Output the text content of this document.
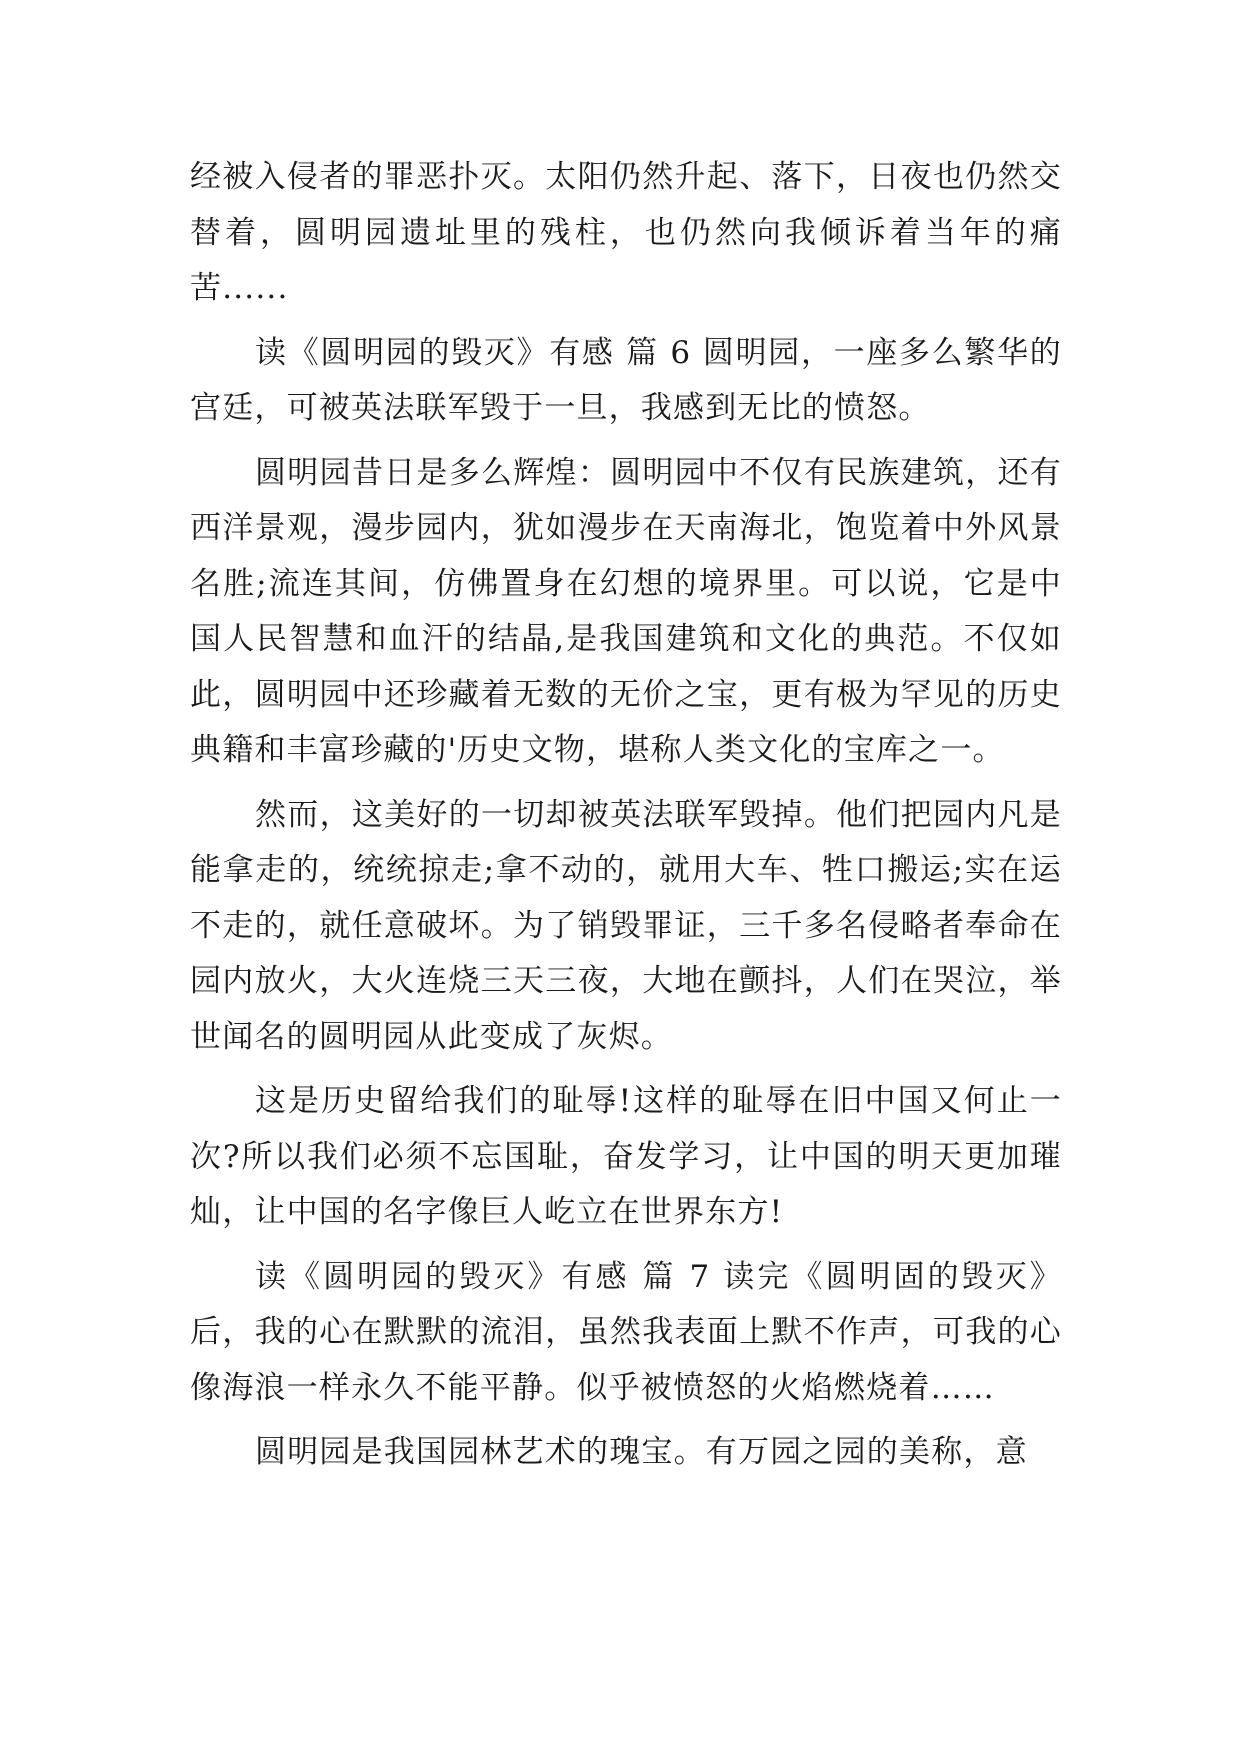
经被入侵者的罪恶扑灭。太阳仍然升起、落下，日夜也仍然交替着，圆明园遗址里的残柱，也仍然向我倾诉着当年的痛苦......

读《圆明园的毁灭》有感 篇 6 圆明园，一座多么繁华的宫廷，可被英法联军毁于一旦，我感到无比的愤怒。

圆明园昔日是多么辉煌：圆明园中不仅有民族建筑，还有西洋景观，漫步园内，犹如漫步在天南海北，饱览着中外风景名胜;流连其间，仿佛置身在幻想的境界里。可以说，它是中国人民智慧和血汗的结晶,是我国建筑和文化的典范。不仅如此，圆明园中还珍藏着无数的无价之宝，更有极为罕见的历史典籍和丰富珍藏的'历史文物，堪称人类文化的宝库之一。

然而，这美好的一切却被英法联军毁掉。他们把园内凡是能拿走的，统统掠走;拿不动的，就用大车、牲口搬运;实在运不走的，就任意破坏。为了销毁罪证，三千多名侵略者奉命在园内放火，大火连烧三天三夜，大地在颤抖，人们在哭泣，举世闻名的圆明园从此变成了灰烬。

这是历史留给我们的耻辱!这样的耻辱在旧中国又何止一次?所以我们必须不忘国耻，奋发学习，让中国的明天更加璀灿，让中国的名字像巨人屹立在世界东方!

读《圆明园的毁灭》有感 篇 7 读完《圆明固的毁灭》后，我的心在默默的流泪，虽然我表面上默不作声，可我的心像海浪一样永久不能平静。似乎被愤怒的火焰燃烧着……

圆明园是我国园林艺术的瑰宝。有万园之园的美称，意
